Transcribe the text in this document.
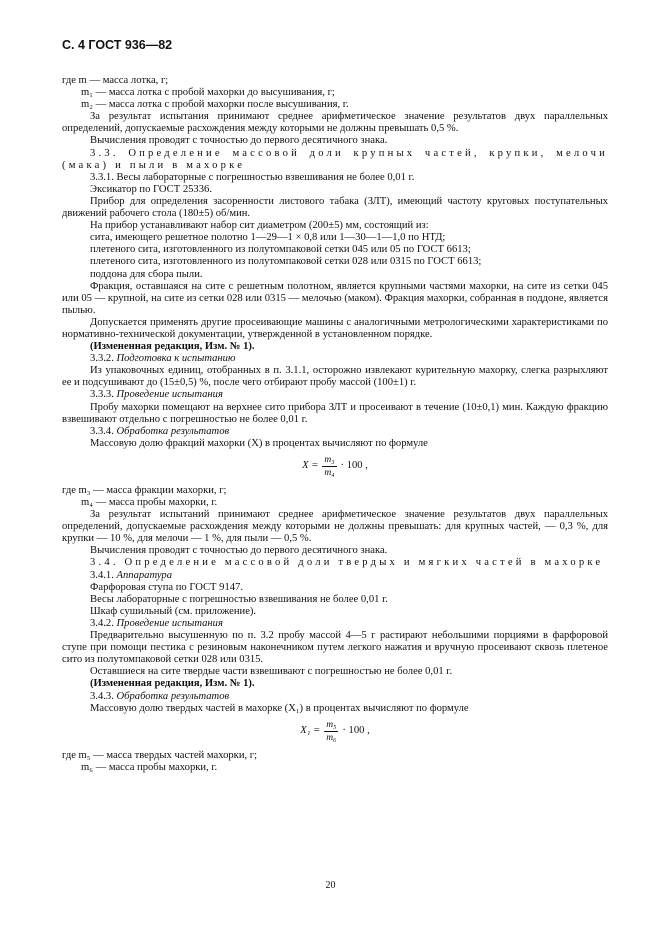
С. 4 ГОСТ 936—82

где m — масса лотка, г;

m₁ — масса лотка с пробой махорки до высушивания, г;

m₂ — масса лотка с пробой махорки после высушивания, г.

За результат испытания принимают среднее арифметическое значение результатов двух параллельных определений, допускаемые расхождения между которыми не должны превышать 0,5 %.

Вычисления проводят с точностью до первого десятичного знака.

3.3. Определение массовой доли крупных частей, крупки, мелочи (мака) и пыли в махорке

3.3.1. Весы лабораторные с погрешностью взвешивания не более 0,01 г.

Эксикатор по ГОСТ 25336.

Прибор для определения засоренности листового табака (ЗЛТ), имеющий частоту круговых поступательных движений рабочего стола (180±5) об/мин.

На прибор устанавливают набор сит диаметром (200±5) мм, состоящий из:

сита, имеющего решетное полотно 1—29—1 × 0,8 или 1—30—1—1,0 по НТД;

плетеного сита, изготовленного из полутомпаковой сетки 045 или 05 по ГОСТ 6613;

плетеного сита, изготовленного из полутомпаковой сетки 028 или 0315 по ГОСТ 6613;

поддона для сбора пыли.

Фракция, оставшаяся на сите с решетным полотном, является крупными частями махорки, на сите из сетки 045 или 05 — крупной, на сите из сетки 028 или 0315 — мелочью (маком). Фракция махорки, собранная в поддоне, является пылью.

Допускается применять другие просеивающие машины с аналогичными метрологическими характеристиками по нормативно-технической документации, утвержденной в установленном порядке.

(Измененная редакция, Изм. № 1).

3.3.2. Подготовка к испытанию

Из упаковочных единиц, отобранных в п. 3.1.1, осторожно извлекают курительную махорку, слегка разрыхляют ее и подсушивают до (15±0,5) %, после чего отбирают пробу массой (100±1) г.

3.3.3. Проведение испытания

Пробу махорки помещают на верхнее сито прибора ЗЛТ и просеивают в течение (10±0,1) мин. Каждую фракцию взвешивают отдельно с погрешностью не более 0,01 г.

3.3.4. Обработка результатов

Массовую долю фракций махорки (X) в процентах вычисляют по формуле

$X = \frac{\text{m₃}}{\text{m₄}} \cdot 100$ ,

где m₃ — масса фракции махорки, г;

m₄ — масса пробы махорки, г.

За результат испытаний принимают среднее арифметическое значение результатов двух параллельных определений, допускаемые расхождения между которыми не должны превышать: для крупных частей, — 0,3 %, для крупки — 10 %, для мелочи — 1 %, для пыли — 0,5 %.

Вычисления проводят с точностью до первого десятичного знака.

3.4. Определение массовой доли твердых и мягких частей в махорке

3.4.1. Аппаратура

Фарфоровая ступа по ГОСТ 9147.

Весы лабораторные с погрешностью взвешивания не более 0,01 г.

Шкаф сушильный (см. приложение).

3.4.2. Проведение испытания

Предварительно высушенную по п. 3.2 пробу массой 4—5 г растирают небольшими порциями в фарфоровой ступе при помощи пестика с резиновым наконечником путем легкого нажатия и вручную просеивают сквозь плетеное сито из полутомпаковой сетки 028 или 0315.

Оставшиеся на сите твердые части взвешивают с погрешностью не более 0,01 г.

(Измененная редакция, Изм. № 1).

3.4.3. Обработка результатов

Массовую долю твердых частей в махорке (X₁) в процентах вычисляют по формуле

$X_1 = \frac{\text{m₅}}{\text{m₆}} \cdot 100$ ,

где m₅ — масса твердых частей махорки, г;

m₆ — масса пробы махорки, г.

20
